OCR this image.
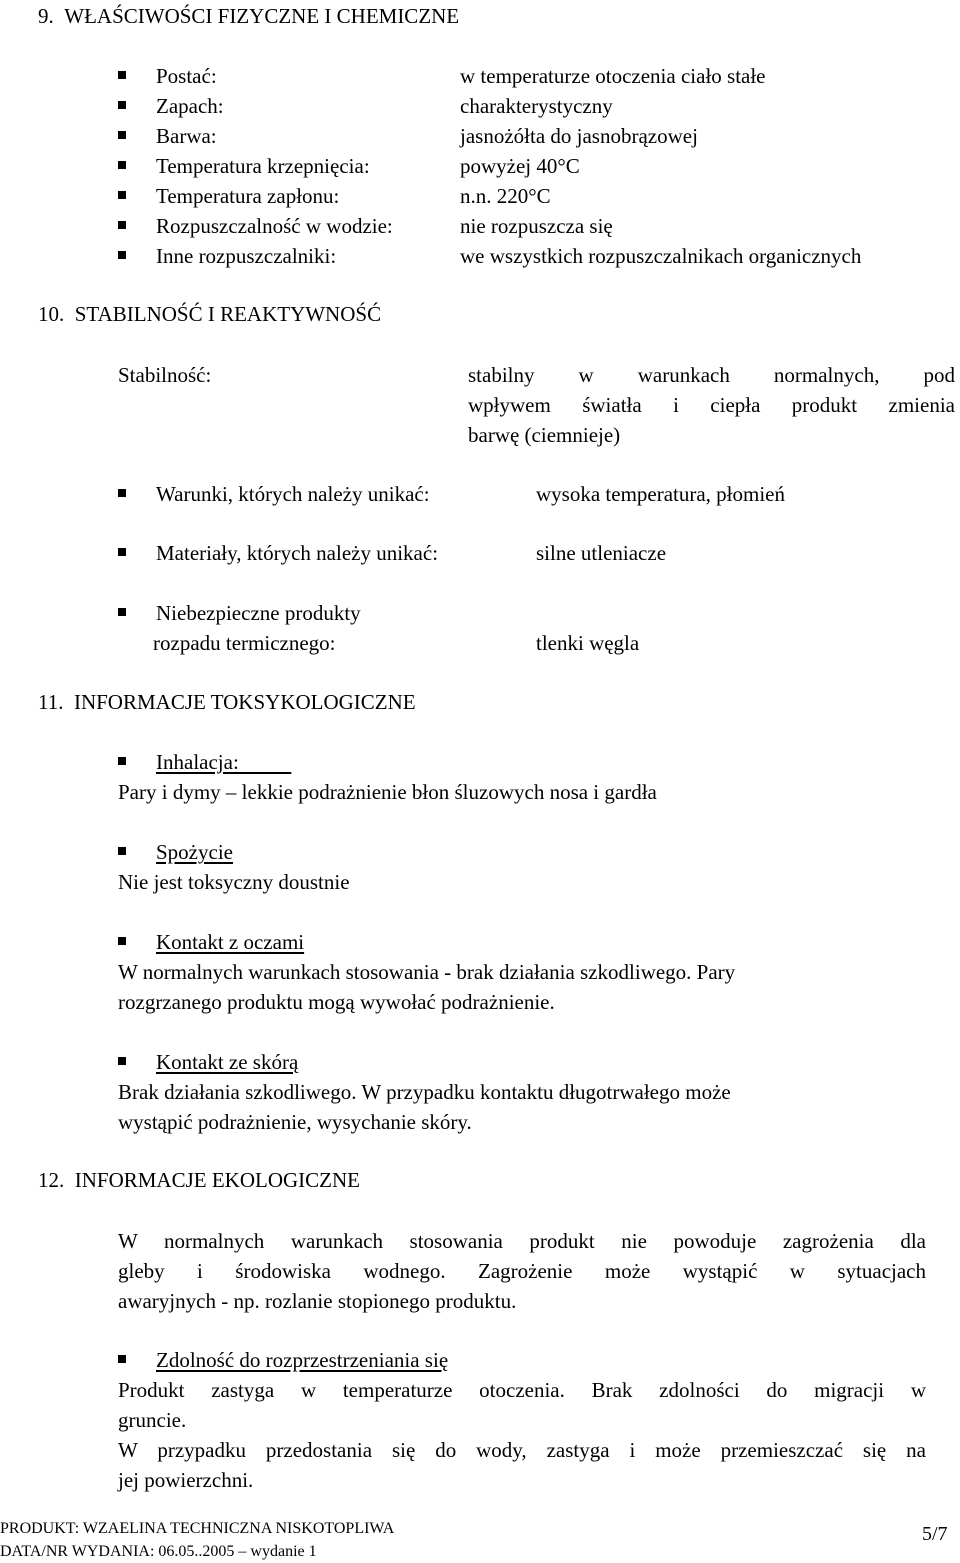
9.  WŁAŚCIWOŚCI FIZYCZNE I CHEMICZNE
Postać:	w temperaturze otoczenia ciało stałe
Zapach:	charakterystyczny
Barwa:	jasnożółta do jasnobrązowej
Temperatura krzepnięcia:	powyżej 40°C
Temperatura zapłonu:	n.n. 220°C
Rozpuszczalność w wodzie:	nie rozpuszcza się
Inne rozpuszczalniki:	we wszystkich rozpuszczalnikach organicznych
10.  STABILNOŚĆ I REAKTYWNOŚĆ
Stabilność:	stabilny w warunkach normalnych, pod
wpływem światła i ciepła produkt zmienia
barwę (ciemnieje)
Warunki, których należy unikać:	wysoka temperatura, płomień
Materiały, których należy unikać:	silne utleniacze
Niebezpieczne produkty
rozpadu termicznego:	tlenki węgla
11.  INFORMACJE TOKSYKOLOGICZNE
Inhalacja:
Pary i dymy – lekkie podrażnienie błon śluzowych nosa i gardła
Spożycie
Nie jest toksyczny doustnie
Kontakt z oczami
W normalnych warunkach stosowania - brak działania szkodliwego. Pary
rozgrzanego produktu mogą wywołać podrażnienie.
Kontakt ze skórą
Brak działania szkodliwego. W przypadku kontaktu długotrwałego może
wystąpić podrażnienie, wysychanie skóry.
12.  INFORMACJE EKOLOGICZNE
W normalnych warunkach stosowania produkt nie powoduje zagrożenia dla
gleby i środowiska wodnego. Zagrożenie może wystąpić w sytuacjach
awaryjnych - np. rozlanie stopionego produktu.
Zdolność do rozprzestrzeniania się
Produkt zastyga w temperaturze otoczenia. Brak zdolności do migracji w
gruncie.
W przypadku przedostania się do wody, zastyga i może przemieszczać się na
jej powierzchni.
PRODUKT: WZAELINA TECHNICZNA NISKOTOPLIWA
DATA/NR WYDANIA: 06.05..2005 – wydanie 1
5/7
